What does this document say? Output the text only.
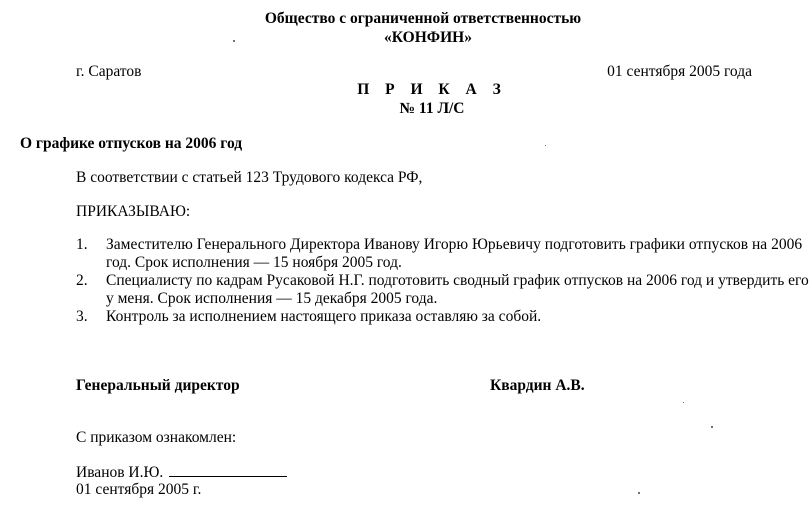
Общество с ограниченной ответственностью
«КОНФИН»
г. Саратов	01 сентября 2005 года
П Р И К А З
№ 11 Л/С
О графике отпусков на 2006 год
В соответствии с статьей 123 Трудового кодекса РФ,
ПРИКАЗЫВАЮ:
1. Заместителю Генерального Директора Иванову Игорю Юрьевичу подготовить графики отпусков на 2006
год. Срок исполнения — 15 ноября 2005 год.
2. Специалисту по кадрам Русаковой Н.Г. подготовить сводный график отпусков на 2006 год и утвердить его
у меня. Срок исполнения — 15 декабря 2005 года.
3. Контроль за исполнением настоящего приказа оставляю за собой.
Генеральный директор	Квардин А.В.
С приказом ознакомлен:
Иванов И.Ю.
01 сентября 2005 г.
